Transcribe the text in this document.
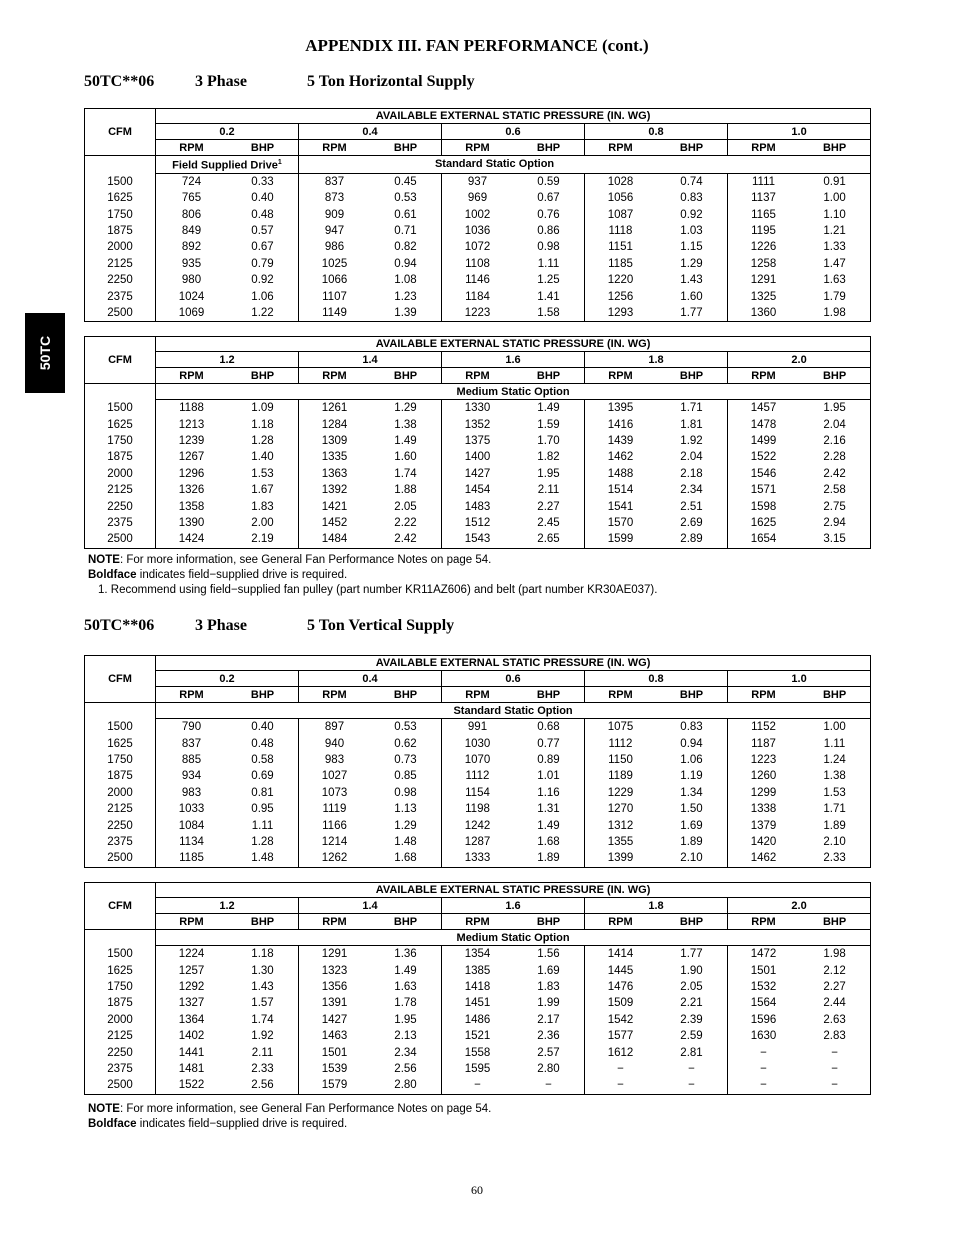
APPENDIX III. FAN PERFORMANCE (cont.)
50TC
50TC**06	3 Phase	5 Ton Horizontal Supply
CFM	AVAILABLE EXTERNAL STATIC PRESSURE (IN. WG)									
	0.2		0.4		0.6		0.8		1.0	
	RPM	BHP	RPM	BHP	RPM	BHP	RPM	BHP	RPM	BHP
	Field Supplied Drive$^1$		Standard Static Option							
1500	724	0.33	837	0.45	937	0.59	1028	0.74	1111	0.91
1625	765	0.40	873	0.53	969	0.67	1056	0.83	1137	1.00
1750	806	0.48	909	0.61	1002	0.76	1087	0.92	1165	1.10
1875	849	0.57	947	0.71	1036	0.86	1118	1.03	1195	1.21
2000	892	0.67	986	0.82	1072	0.98	1151	1.15	1226	1.33
2125	935	0.79	1025	0.94	1108	1.11	1185	1.29	1258	1.47
2250	980	0.92	1066	1.08	1146	1.25	1220	1.43	1291	1.63
2375	1024	1.06	1107	1.23	1184	1.41	1256	1.60	1325	1.79
2500	1069	1.22	1149	1.39	1223	1.58	1293	1.77	1360	1.98
CFM	AVAILABLE EXTERNAL STATIC PRESSURE (IN. WG)									
	1.2		1.4		1.6		1.8		2.0	
	RPM	BHP	RPM	BHP	RPM	BHP	RPM	BHP	RPM	BHP
	Medium Static Option									
1500	1188	1.09	1261	1.29	1330	1.49	1395	1.71	1457	1.95
1625	1213	1.18	1284	1.38	1352	1.59	1416	1.81	1478	2.04
1750	1239	1.28	1309	1.49	1375	1.70	1439	1.92	1499	2.16
1875	1267	1.40	1335	1.60	1400	1.82	1462	2.04	1522	2.28
2000	1296	1.53	1363	1.74	1427	1.95	1488	2.18	1546	2.42
2125	1326	1.67	1392	1.88	1454	2.11	1514	2.34	1571	2.58
2250	1358	1.83	1421	2.05	1483	2.27	1541	2.51	1598	2.75
2375	1390	2.00	1452	2.22	1512	2.45	1570	2.69	1625	2.94
2500	1424	2.19	1484	2.42	1543	2.65	1599	2.89	1654	3.15

NOTE: For more information, see General Fan Performance Notes on page 54.

Boldface indicates field−supplied drive is required.

1. Recommend using field−supplied fan pulley (part number KR11AZ606) and belt (part number KR30AE037).

50TC**06	3 Phase	5 Ton Vertical Supply
CFM	AVAILABLE EXTERNAL STATIC PRESSURE (IN. WG)									
	0.2		0.4		0.6		0.8		1.0	
	RPM	BHP	RPM	BHP	RPM	BHP	RPM	BHP	RPM	BHP
	Standard Static Option									
1500	790	0.40	897	0.53	991	0.68	1075	0.83	1152	1.00
1625	837	0.48	940	0.62	1030	0.77	1112	0.94	1187	1.11
1750	885	0.58	983	0.73	1070	0.89	1150	1.06	1223	1.24
1875	934	0.69	1027	0.85	1112	1.01	1189	1.19	1260	1.38
2000	983	0.81	1073	0.98	1154	1.16	1229	1.34	1299	1.53
2125	1033	0.95	1119	1.13	1198	1.31	1270	1.50	1338	1.71
2250	1084	1.11	1166	1.29	1242	1.49	1312	1.69	1379	1.89
2375	1134	1.28	1214	1.48	1287	1.68	1355	1.89	1420	2.10
2500	1185	1.48	1262	1.68	1333	1.89	1399	2.10	1462	2.33
CFM	AVAILABLE EXTERNAL STATIC PRESSURE (IN. WG)									
	1.2		1.4		1.6		1.8		2.0	
	RPM	BHP	RPM	BHP	RPM	BHP	RPM	BHP	RPM	BHP
	Medium Static Option									
1500	1224	1.18	1291	1.36	1354	1.56	1414	1.77	1472	1.98
1625	1257	1.30	1323	1.49	1385	1.69	1445	1.90	1501	2.12
1750	1292	1.43	1356	1.63	1418	1.83	1476	2.05	1532	2.27
1875	1327	1.57	1391	1.78	1451	1.99	1509	2.21	1564	2.44
2000	1364	1.74	1427	1.95	1486	2.17	1542	2.39	1596	2.63
2125	1402	1.92	1463	2.13	1521	2.36	1577	2.59	1630	2.83
2250	1441	2.11	1501	2.34	1558	2.57	1612	2.81	−	−
2375	1481	2.33	1539	2.56	1595	2.80	−	−	−	−
2500	1522	2.56	1579	2.80	−	−	−	−	−	−

NOTE: For more information, see General Fan Performance Notes on page 54.

Boldface indicates field−supplied drive is required.

60
